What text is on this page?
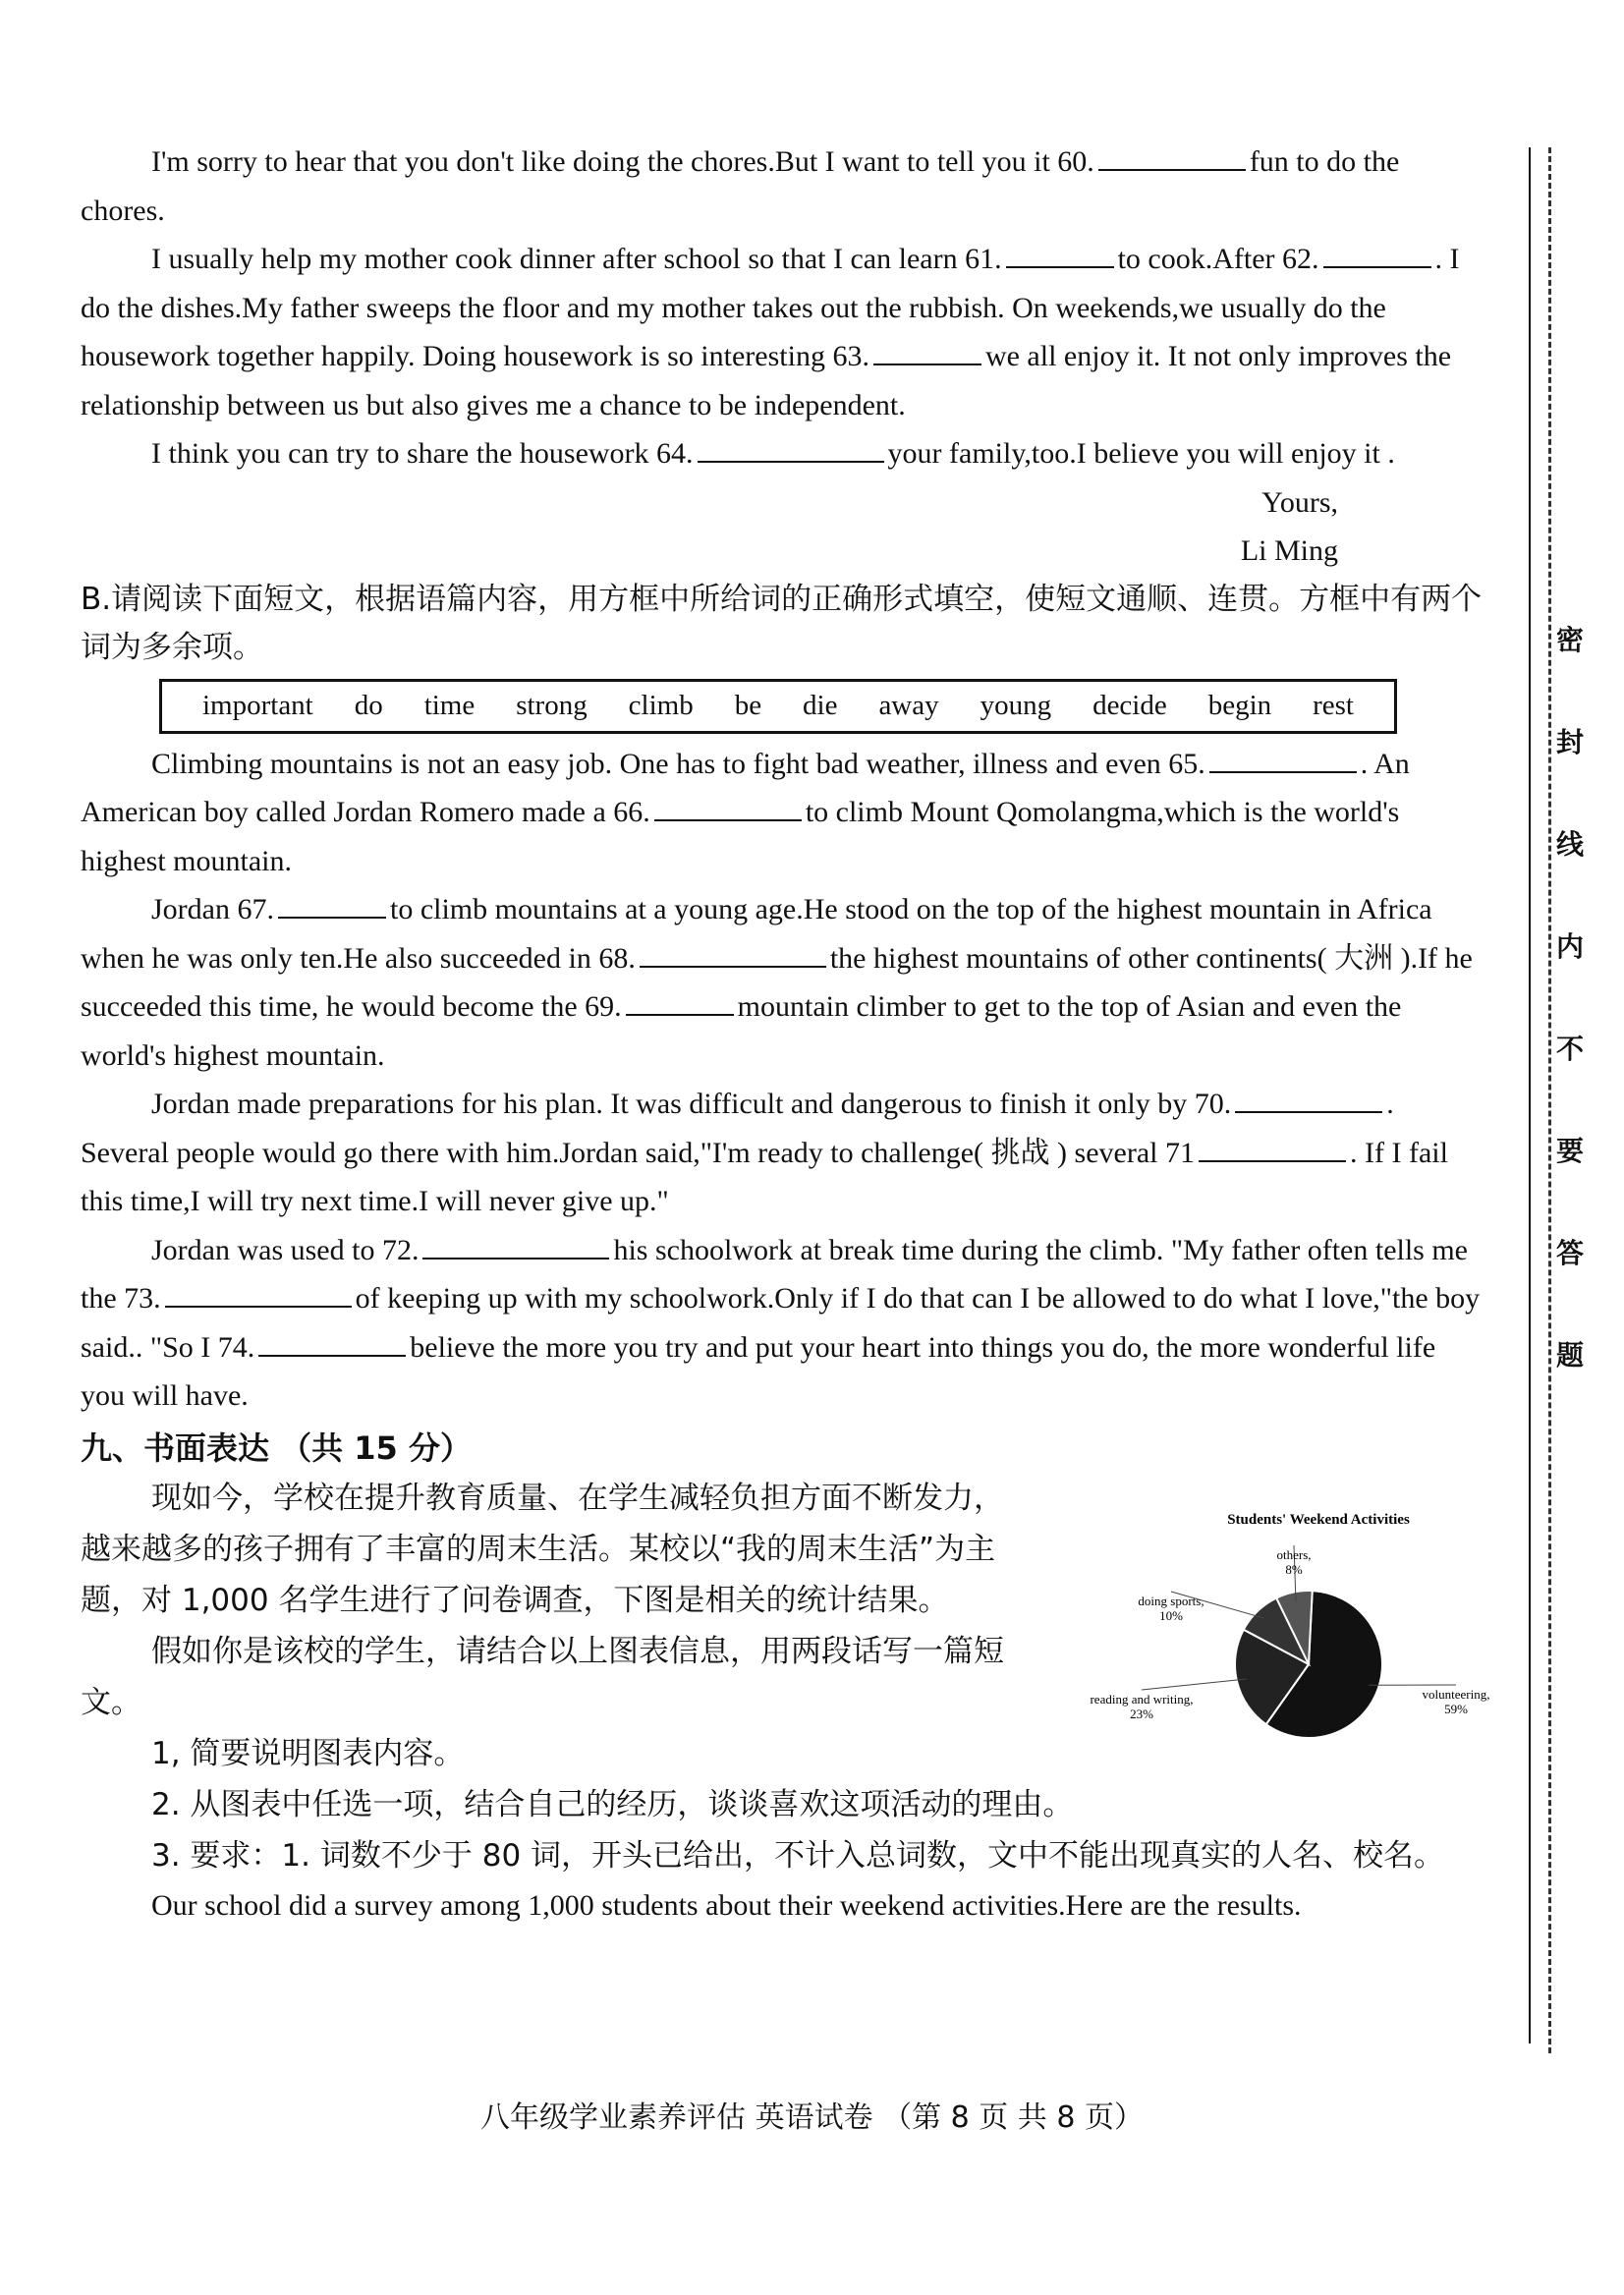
I'm sorry to hear that you don't like doing the chores.But I want to tell you it 60.	fun to do the chores.

I usually help my mother cook dinner after school so that I can learn 61.	to cook.After 62.	. I do the dishes.My father sweeps the floor and my mother takes out the rubbish. On weekends,we usually do the housework together happily. Doing housework is so interesting 63.	we all enjoy it. It not only improves the relationship between us but also gives me a chance to be independent.

I think you can try to share the housework 64.	your family,too.I believe you will enjoy it .

Yours,
Li Ming

B.请阅读下面短文，根据语篇内容，用方框中所给词的正确形式填空，使短文通顺、连贯。方框中有两个词为多余项。

important do time strong climb be die away young decide begin rest

Climbing mountains is not an easy job. One has to fight bad weather, illness and even 65.	. An American boy called Jordan Romero made a 66.	to climb Mount Qomolangma,which is the world's highest mountain.

Jordan 67.	to climb mountains at a young age.He stood on the top of the highest mountain in Africa when he was only ten.He also succeeded in 68.	the highest mountains of other continents( 大洲 ).If he succeeded this time, he would become the 69.	mountain climber to get to the top of Asian and even the world's highest mountain.

Jordan made preparations for his plan. It was difficult and dangerous to finish it only by 70.	. Several people would go there with him.Jordan said,"I'm ready to challenge( 挑战 ) several 71	. If I fail this time,I will try next time.I will never give up."

Jordan was used to 72.	his schoolwork at break time during the climb. "My father often tells me the 73.	of keeping up with my schoolwork.Only if I do that can I be allowed to do what I love,"the boy said.. "So I 74.	believe the more you try and put your heart into things you do, the more wonderful life you will have.

九、书面表达 （共 15 分）

现如今，学校在提升教育质量、在学生减轻负担方面不断发力，越来越多的孩子拥有了丰富的周末生活。某校以“我的周末生活”为主题，对 1,000 名学生进行了问卷调查，下图是相关的统计结果。

假如你是该校的学生，请结合以上图表信息，用两段话写一篇短文。

Students' Weekend Activities
volunteering,
59%
reading and writing,
23%
doing sports,
10%
others,
8%

1, 简要说明图表内容。

2. 从图表中任选一项，结合自己的经历，谈谈喜欢这项活动的理由。

3. 要求：1. 词数不少于 80 词，开头已给出，不计入总词数，文中不能出现真实的人名、校名。

Our school did a survey among 1,000 students about their weekend activities.Here are the results.

八年级学业素养评估 英语试卷 （第 8 页 共 8 页）
密
封
线
内
不
要
答
题
